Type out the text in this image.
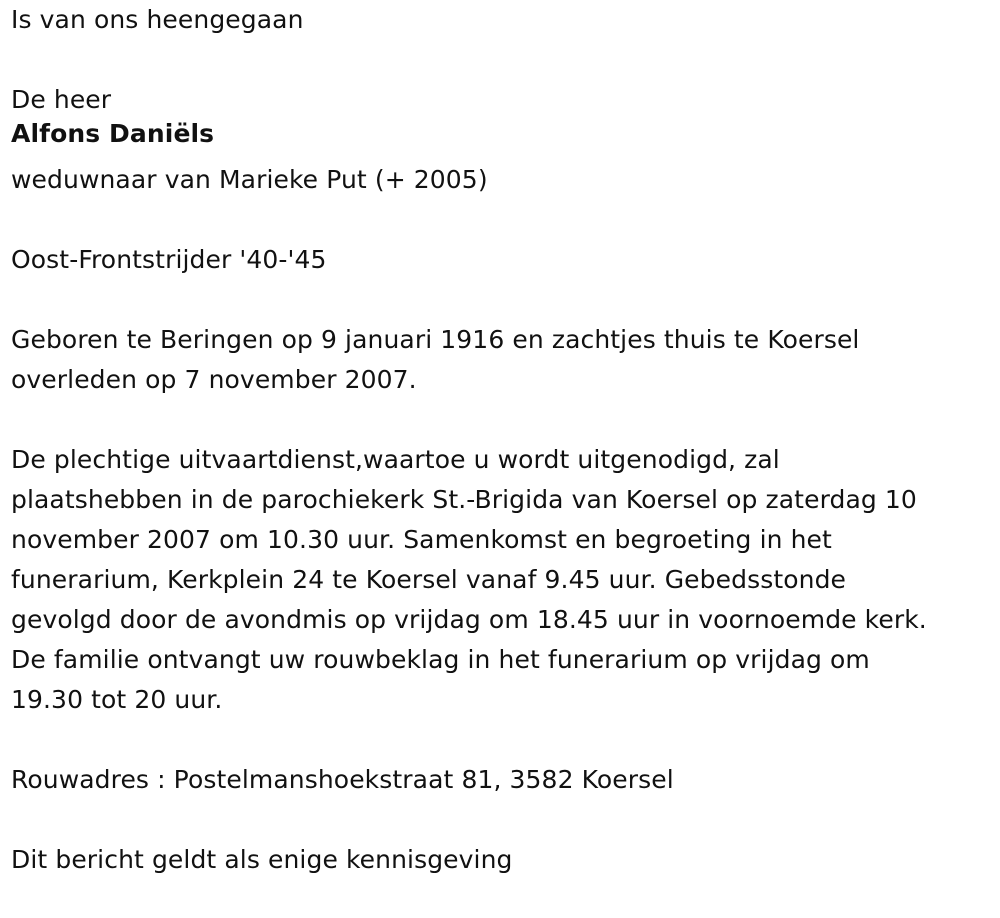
Is van ons heengegaan

De heer

Alfons Daniëls

weduwnaar van Marieke Put (+ 2005)

Oost-Frontstrijder '40-'45

Geboren te Beringen op 9 januari 1916 en zachtjes thuis te Koersel

overleden op 7 november 2007.

De plechtige uitvaartdienst,waartoe u wordt uitgenodigd, zal

plaatshebben in de parochiekerk St.-Brigida van Koersel op zaterdag 10

november 2007 om 10.30 uur. Samenkomst en begroeting in het

funerarium, Kerkplein 24 te Koersel vanaf 9.45 uur. Gebedsstonde

gevolgd door de avondmis op vrijdag om 18.45 uur in voornoemde kerk.

De familie ontvangt uw rouwbeklag in het funerarium op vrijdag om

19.30 tot 20 uur.

Rouwadres : Postelmanshoekstraat 81, 3582 Koersel

Dit bericht geldt als enige kennisgeving
